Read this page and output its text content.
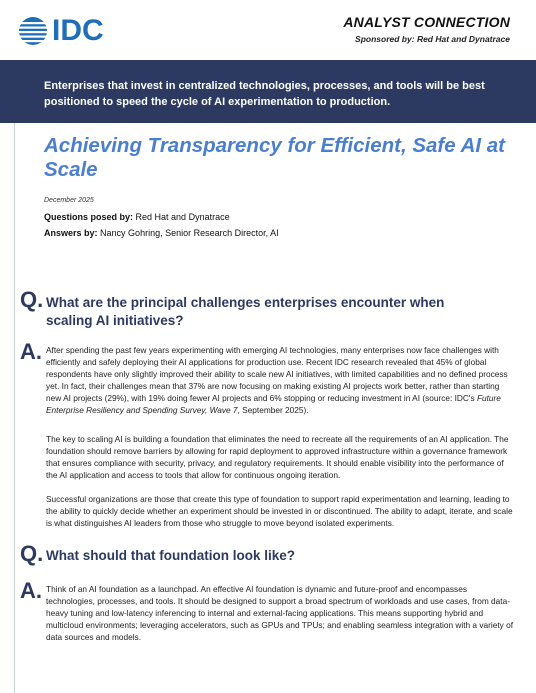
IDC	ANALYST CONNECTION
Sponsored by: Red Hat and Dynatrace
Enterprises that invest in centralized technologies, processes, and tools will be best positioned to speed the cycle of AI experimentation to production.
Achieving Transparency for Efficient, Safe AI at Scale
December 2025
Questions posed by: Red Hat and Dynatrace
Answers by: Nancy Gohring, Senior Research Director, AI
Q. What are the principal challenges enterprises encounter when scaling AI initiatives?
A. After spending the past few years experimenting with emerging AI technologies, many enterprises now face challenges with efficiently and safely deploying their AI applications for production use. Recent IDC research revealed that 45% of global respondents have only slightly improved their ability to scale new AI initiatives, with limited capabilities and no defined process yet. In fact, their challenges mean that 37% are now focusing on making existing AI projects work better, rather than starting new AI projects (29%), with 19% doing fewer AI projects and 6% stopping or reducing investment in AI (source: IDC's Future Enterprise Resiliency and Spending Survey, Wave 7, September 2025).

The key to scaling AI is building a foundation that eliminates the need to recreate all the requirements of an AI application. The foundation should remove barriers by allowing for rapid deployment to approved infrastructure within a governance framework that ensures compliance with security, privacy, and regulatory requirements. It should enable visibility into the performance of the AI application and access to tools that allow for continuous ongoing iteration.

Successful organizations are those that create this type of foundation to support rapid experimentation and learning, leading to the ability to quickly decide whether an experiment should be invested in or discontinued. The ability to adapt, iterate, and scale is what distinguishes AI leaders from those who struggle to move beyond isolated experiments.

Q. What should that foundation look like?
A. Think of an AI foundation as a launchpad. An effective AI foundation is dynamic and future-proof and encompasses technologies, processes, and tools. It should be designed to support a broad spectrum of workloads and use cases, from data-heavy tuning and low-latency inferencing to internal and external-facing applications. This means supporting hybrid and multicloud environments; leveraging accelerators, such as GPUs and TPUs; and enabling seamless integration with a variety of data sources and models.
